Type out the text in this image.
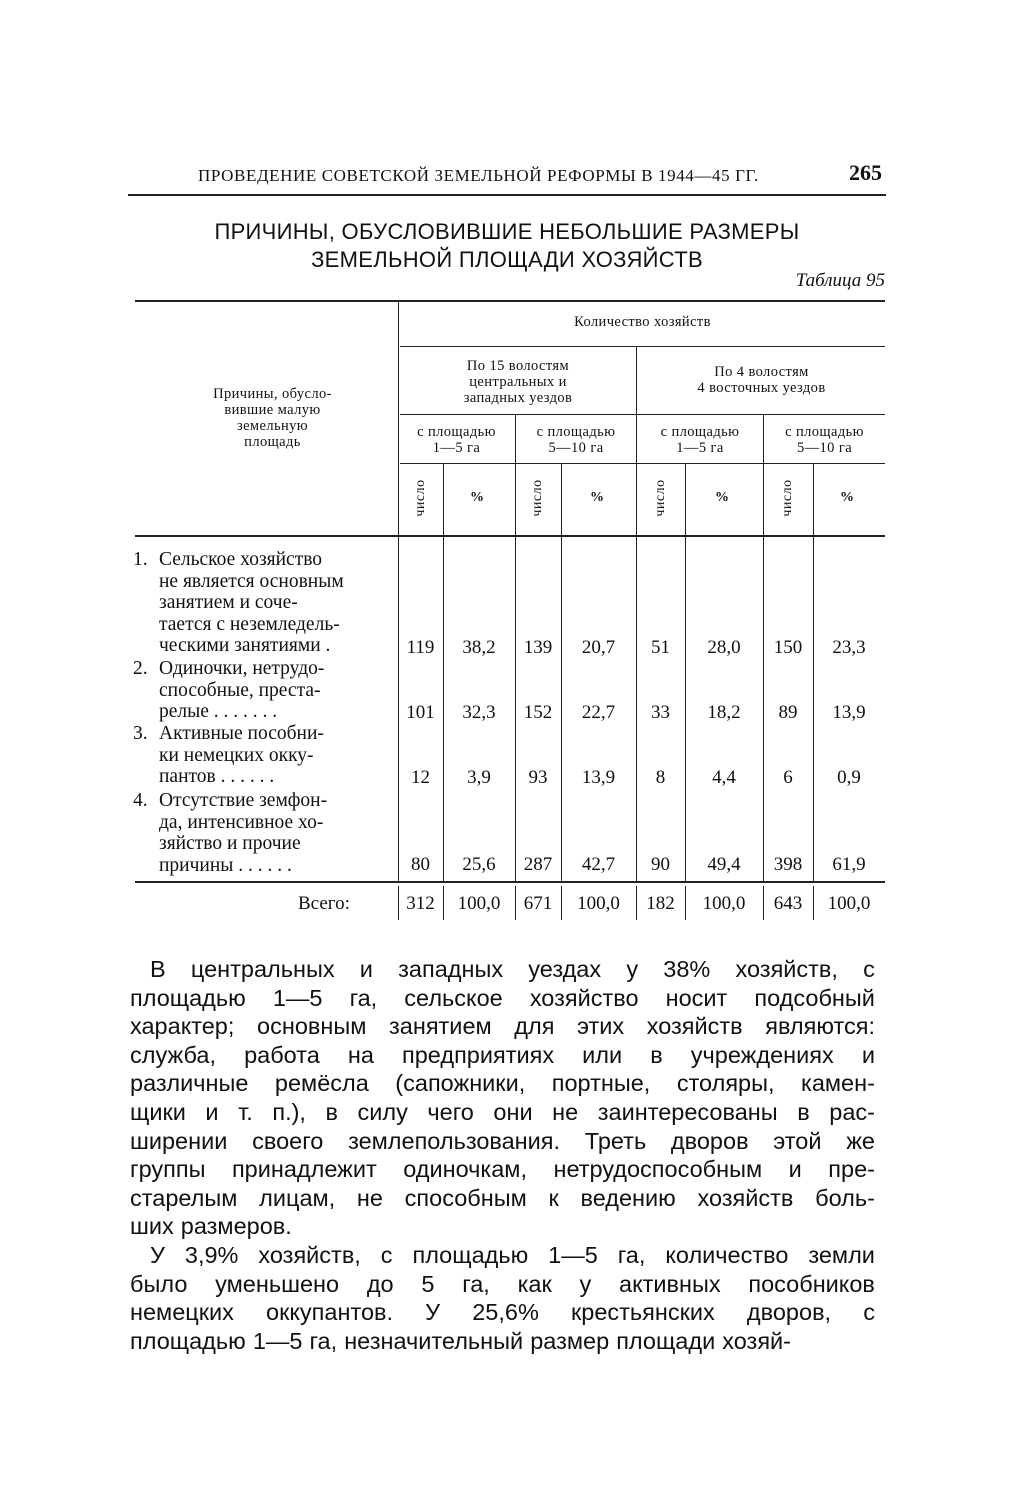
ПРОВЕДЕНИЕ СОВЕТСКОЙ ЗЕМЕЛЬНОЙ РЕФОРМЫ В 1944—45 ГГ.	265
ПРИЧИНЫ, ОБУСЛОВИВШИЕ НЕБОЛЬШИЕ РАЗМЕРЫ
ЗЕМЕЛЬНОЙ ПЛОЩАДИ ХОЗЯЙСТВ
Таблица 95
Причины, обусло-
вившие малую
земельную
площадь
Количество хозяйств
По 15 волостям
центральных и
западных уездов
По 4 волостям
4 восточных уездов
с площадью
1—5 га
с площадью
5—10 га
с площадью
1—5 га
с площадью
5—10 га
число	%	число	%	число	%	число	%
1. Сельское хозяйство
не является основным
занятием и соче-
тается с неземледель-
ческими занятиями .	119	38,2	139	20,7	51	28,0	150	23,3
2. Одиночки, нетрудо-
способные, преста-
релые . . . . . . .	101	32,3	152	22,7	33	18,2	89	13,9
3. Активные пособни-
ки немецких окку-
пантов . . . . . .	12	3,9	93	13,9	8	4,4	6	0,9
4. Отсутствие земфон-
да, интенсивное хо-
зяйство и прочие
причины . . . . . .	80	25,6	287	42,7	90	49,4	398	61,9
Всего:	312	100,0	671	100,0	182	100,0	643	100,0
В центральных и западных уездах у 38% хозяйств, с
площадью 1—5 га, сельское хозяйство носит подсобный
характер; основным занятием для этих хозяйств являются:
служба, работа на предприятиях или в учреждениях и
различные ремёсла (сапожники, портные, столяры, камен-
щики и т. п.), в силу чего они не заинтересованы в рас-
ширении своего землепользования. Треть дворов этой же
группы принадлежит одиночкам, нетрудоспособным и пре-
старелым лицам, не способным к ведению хозяйств боль-
ших размеров.
У 3,9% хозяйств, с площадью 1—5 га, количество земли
было уменьшено до 5 га, как у активных пособников
немецких оккупантов. У 25,6% крестьянских дворов, с
площадью 1—5 га, незначительный размер площади хозяй-
